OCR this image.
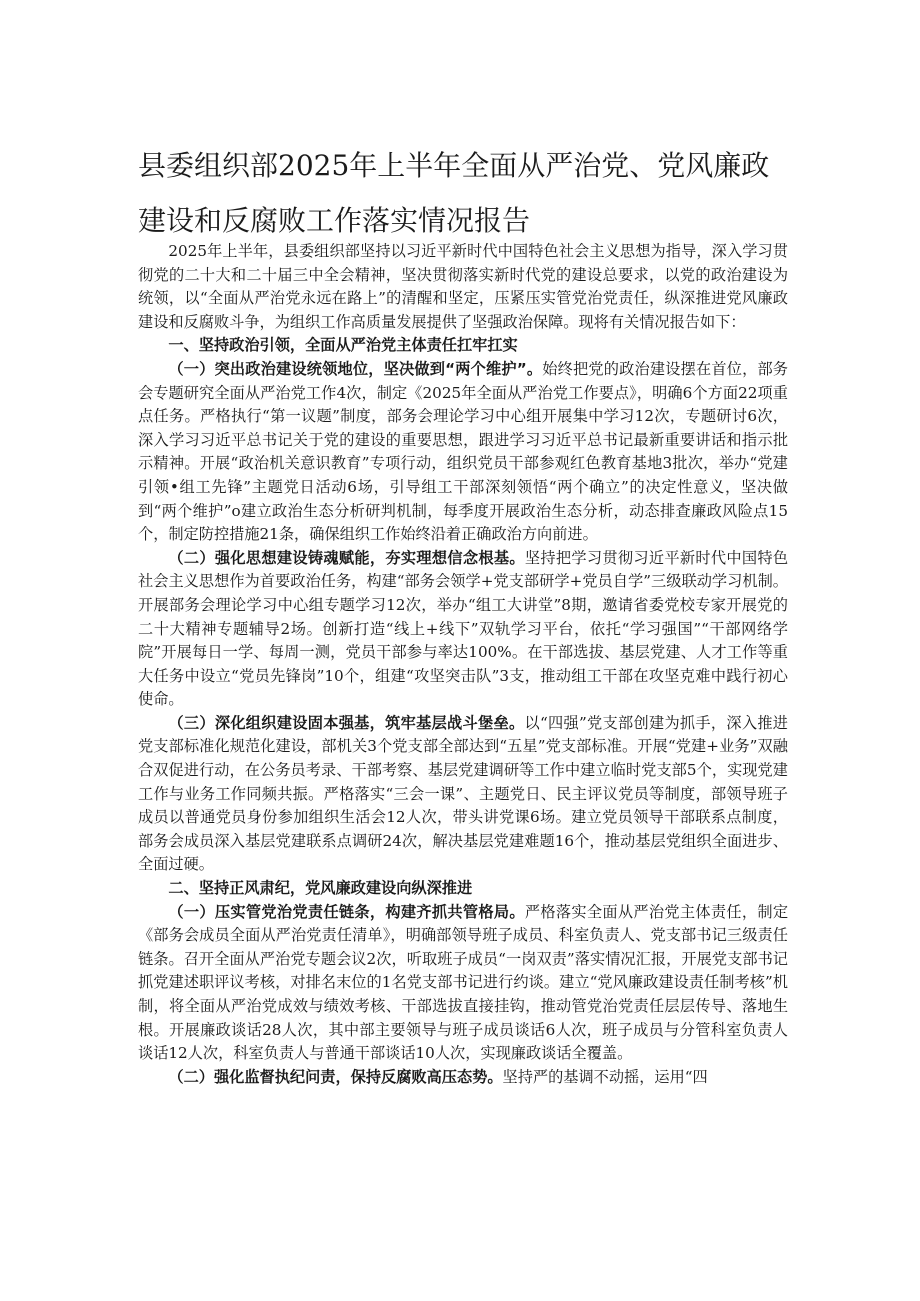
县委组织部2025年上半年全面从严治党、党风廉政
建设和反腐败工作落实情况报告

2025年上半年，县委组织部坚持以习近平新时代中国特色社会主义思想为指导，深入学习贯彻党的二十大和二十届三中全会精神，坚决贯彻落实新时代党的建设总要求，以党的政治建设为统领，以“全面从严治党永远在路上”的清醒和坚定，压紧压实管党治党责任，纵深推进党风廉政建设和反腐败斗争，为组织工作高质量发展提供了坚强政治保障。现将有关情况报告如下：

一、坚持政治引领，全面从严治党主体责任扛牢扛实

（一）突出政治建设统领地位，坚决做到“两个维护”。始终把党的政治建设摆在首位，部务会专题研究全面从严治党工作4次，制定《2025年全面从严治党工作要点》，明确6个方面22项重点任务。严格执行“第一议题”制度，部务会理论学习中心组开展集中学习12次，专题研讨6次，深入学习习近平总书记关于党的建设的重要思想，跟进学习习近平总书记最新重要讲话和指示批示精神。开展“政治机关意识教育”专项行动，组织党员干部参观红色教育基地3批次，举办“党建引领•组工先锋”主题党日活动6场，引导组工干部深刻领悟“两个确立”的决定性意义，坚决做到“两个维护”o建立政治生态分析研判机制，每季度开展政治生态分析，动态排查廉政风险点15个，制定防控措施21条，确保组织工作始终沿着正确政治方向前进。

（二）强化思想建设铸魂赋能，夯实理想信念根基。坚持把学习贯彻习近平新时代中国特色社会主义思想作为首要政治任务，构建“部务会领学+党支部研学+党员自学”三级联动学习机制。开展部务会理论学习中心组专题学习12次，举办“组工大讲堂”8期，邀请省委党校专家开展党的二十大精神专题辅导2场。创新打造“线上+线下”双轨学习平台，依托“学习强国”“干部网络学院”开展每日一学、每周一测，党员干部参与率达100%。在干部选拔、基层党建、人才工作等重大任务中设立“党员先锋岗”10个，组建“攻坚突击队”3支，推动组工干部在攻坚克难中践行初心使命。

（三）深化组织建设固本强基，筑牢基层战斗堡垒。以“四强”党支部创建为抓手，深入推进党支部标准化规范化建设，部机关3个党支部全部达到“五星”党支部标准。开展“党建+业务”双融合双促进行动，在公务员考录、干部考察、基层党建调研等工作中建立临时党支部5个，实现党建工作与业务工作同频共振。严格落实“三会一课”、主题党日、民主评议党员等制度，部领导班子成员以普通党员身份参加组织生活会12人次，带头讲党课6场。建立党员领导干部联系点制度，部务会成员深入基层党建联系点调研24次，解决基层党建难题16个，推动基层党组织全面进步、全面过硬。

二、坚持正风肃纪，党风廉政建设向纵深推进

（一）压实管党治党责任链条，构建齐抓共管格局。严格落实全面从严治党主体责任，制定《部务会成员全面从严治党责任清单》，明确部领导班子成员、科室负责人、党支部书记三级责任链条。召开全面从严治党专题会议2次，听取班子成员“一岗双责”落实情况汇报，开展党支部书记抓党建述职评议考核，对排名末位的1名党支部书记进行约谈。建立“党风廉政建设责任制考核”机制，将全面从严治党成效与绩效考核、干部选拔直接挂钩，推动管党治党责任层层传导、落地生根。开展廉政谈话28人次，其中部主要领导与班子成员谈话6人次，班子成员与分管科室负责人谈话12人次，科室负责人与普通干部谈话10人次，实现廉政谈话全覆盖。

（二）强化监督执纪问责，保持反腐败高压态势。坚持严的基调不动摇，运用“四
